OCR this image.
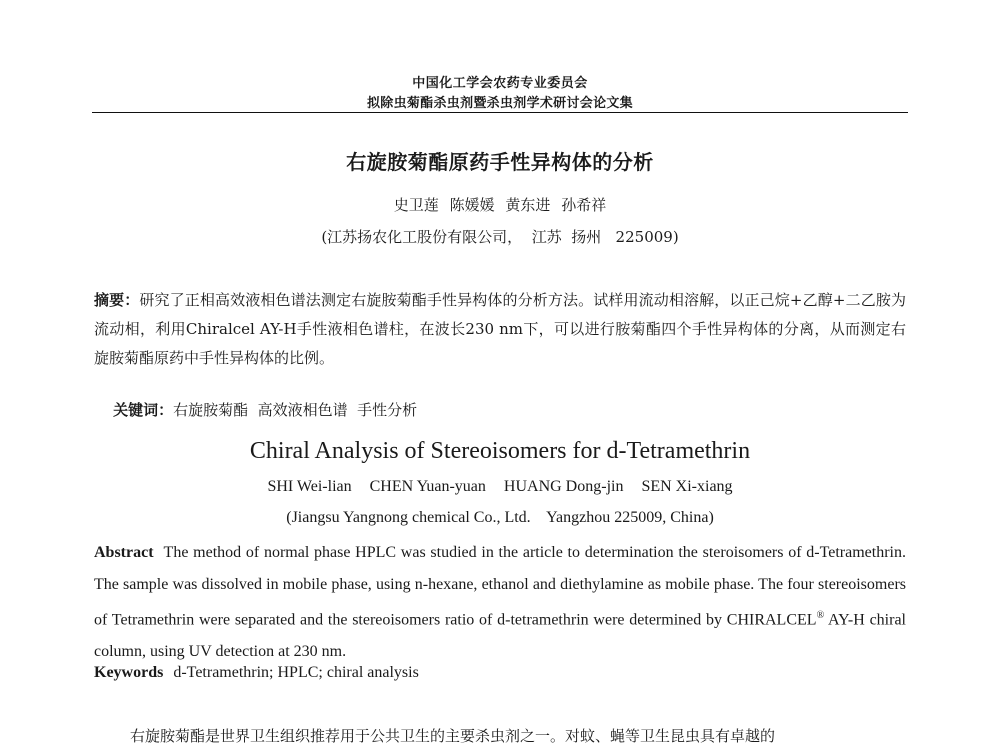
中国化工学会农药专业委员会
拟除虫菊酯杀虫剂暨杀虫剂学术研讨会论文集
右旋胺菊酯原药手性异构体的分析
史卫莲 陈媛媛 黄东进 孙希祥
(江苏扬农化工股份有限公司，  江苏  扬州   225009)
摘要：研究了正相高效液相色谱法测定右旋胺菊酯手性异构体的分析方法。试样用流动相溶解，以正己烷+乙醇+二乙胺为流动相，利用Chiralcel AY-H手性液相色谱柱，在波长230 nm下，可以进行胺菊酯四个手性异构体的分离，从而测定右旋胺菊酯原药中手性异构体的比例。

关键词：右旋胺菊酯  高效液相色谱  手性分析

Chiral Analysis of Stereoisomers for d-Tetramethrin
SHI Wei-lian CHEN Yuan-yuan HUANG Dong-jin SEN Xi-xiang
(Jiangsu Yangnong chemical Co., Ltd.    Yangzhou 225009, China)
Abstract The method of normal phase HPLC was studied in the article to determination the steroisomers of d-Tetramethrin. The sample was dissolved in mobile phase, using n-hexane, ethanol and diethylamine as mobile phase. The four stereoisomers of Tetramethrin were separated and the stereoisomers ratio of d-tetramethrin were determined by CHIRALCEL® AY-H chiral column, using UV detection at 230 nm.
Keywords d-Tetramethrin; HPLC; chiral analysis
右旋胺菊酯是世界卫生组织推荐用于公共卫生的主要杀虫剂之一。对蚊、蝇等卫生昆虫具有卓越的
